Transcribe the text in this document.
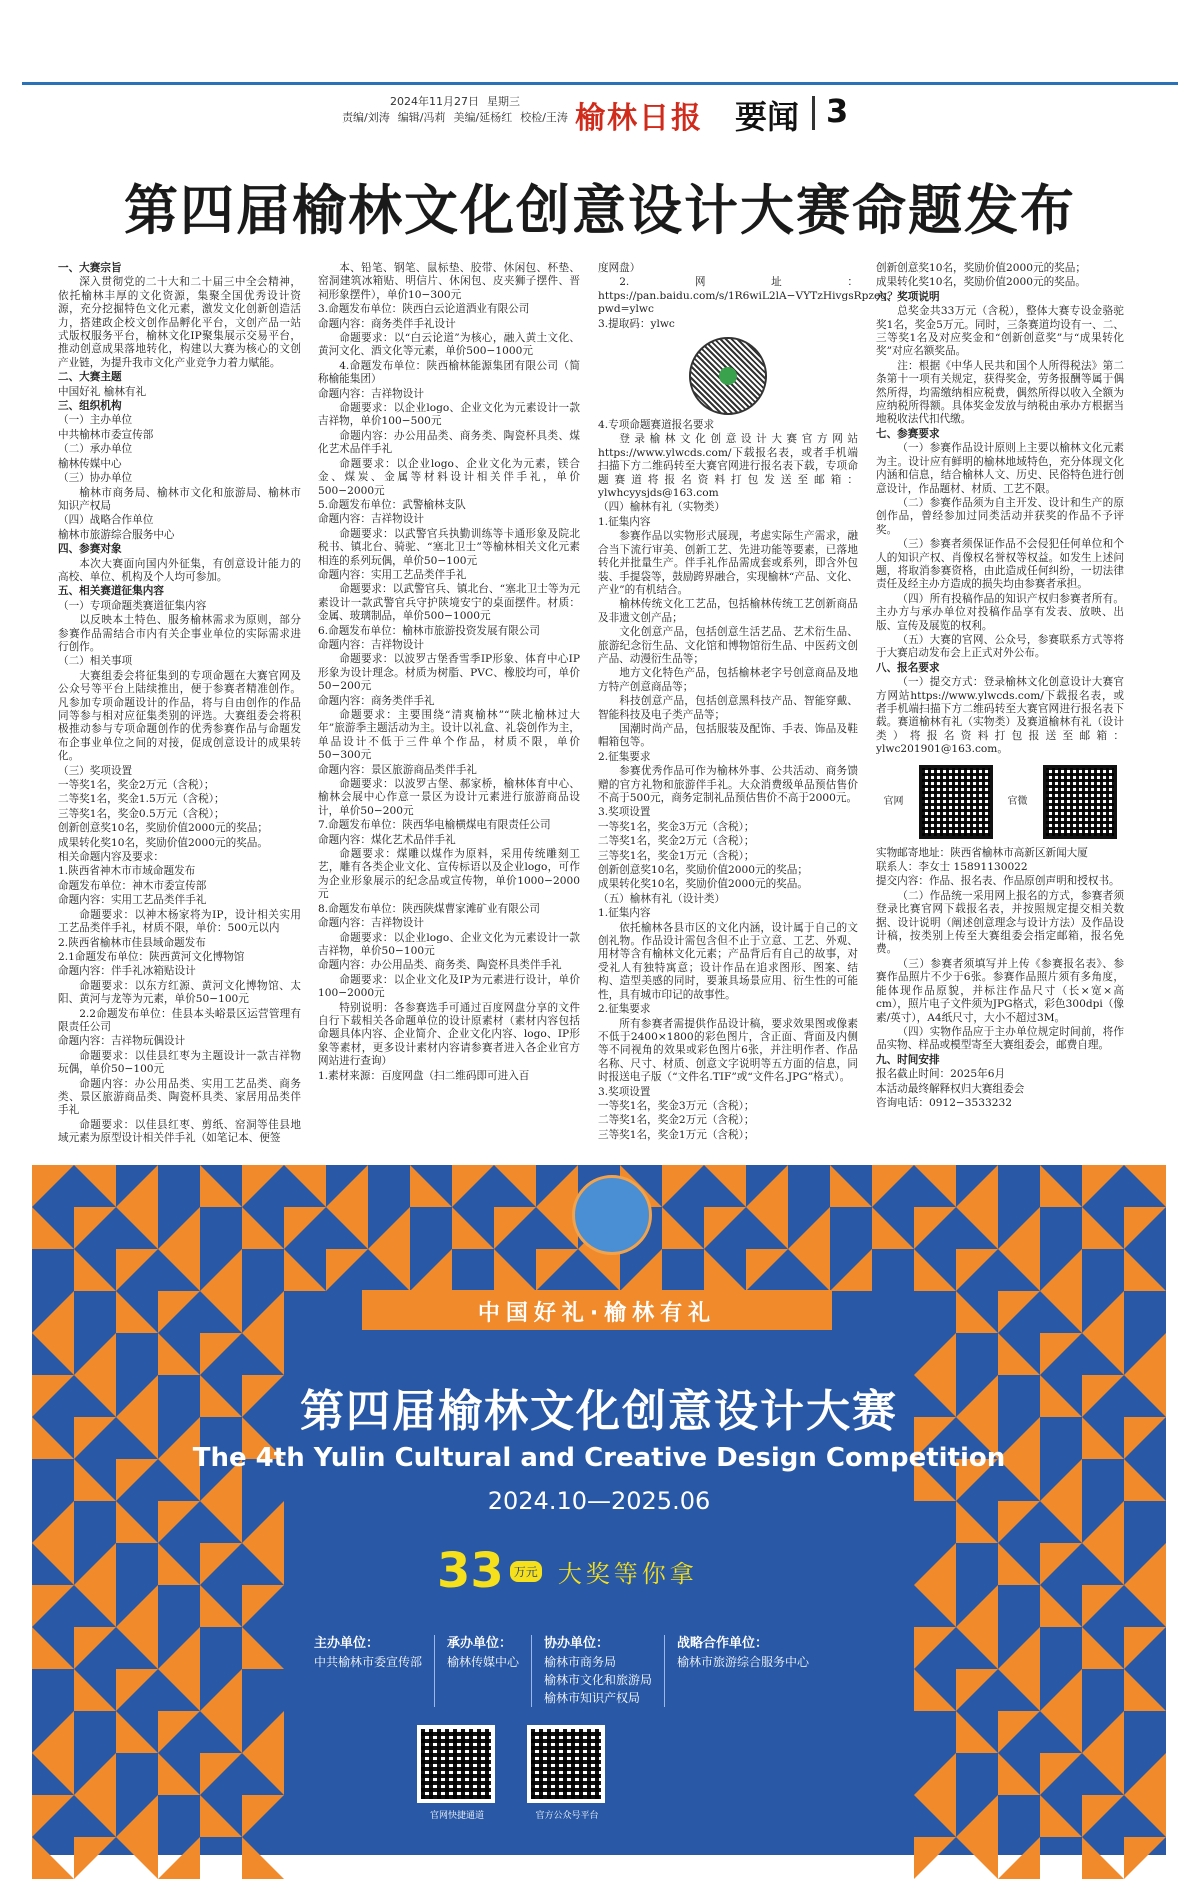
2024年11月27日 星期三
责编/刘涛 编辑/冯莉 美编/延杨红 校检/王涛 榆林日报 要闻 3
第四届榆林文化创意设计大赛命题发布

一、大赛宗旨

深入贯彻党的二十大和二十届三中全会精神，依托榆林丰厚的文化资源，集聚全国优秀设计资源，充分挖掘特色文化元素，激发文化创新创造活力，搭建政企校文创作品孵化平台，文创产品一站式版权服务平台，榆林文化IP聚集展示交易平台，推动创意成果落地转化，构建以大赛为核心的文创产业链，为提升我市文化产业竞争力着力赋能。

二、大赛主题

中国好礼 榆林有礼

三、组织机构

（一）主办单位

中共榆林市委宣传部

（二）承办单位

榆林传媒中心

（三）协办单位

榆林市商务局、榆林市文化和旅游局、榆林市知识产权局

（四）战略合作单位

榆林市旅游综合服务中心

四、参赛对象

本次大赛面向国内外征集，有创意设计能力的高校、单位、机构及个人均可参加。

五、相关赛道征集内容

（一）专项命题类赛道征集内容

以反映本土特色、服务榆林需求为原则，部分参赛作品需结合市内有关企事业单位的实际需求进行创作。

（二）相关事项

大赛组委会将征集到的专项命题在大赛官网及公众号等平台上陆续推出，便于参赛者精准创作。凡参加专项命题设计的作品，将与自由创作的作品同等参与相对应征集类别的评选。大赛组委会将积极推动参与专项命题创作的优秀参赛作品与命题发布企事业单位之间的对接，促成创意设计的成果转化。

（三）奖项设置

一等奖1名，奖金2万元（含税）；

二等奖1名，奖金1.5万元（含税）；

三等奖1名，奖金0.5万元（含税）；

创新创意奖10名，奖励价值2000元的奖品；

成果转化奖10名，奖励价值2000元的奖品。

相关命题内容及要求：

1.陕西省神木市市域命题发布

命题发布单位：神木市委宣传部

命题内容：实用工艺品类伴手礼

命题要求：以神木杨家将为IP，设计相关实用工艺品类伴手礼，材质不限，单价：500元以内

2.陕西省榆林市佳县域命题发布

2.1命题发布单位：陕西黄河文化博物馆

命题内容：伴手礼冰箱贴设计

命题要求：以东方红源、黄河文化博物馆、太阳、黄河与龙等为元素，单价50−100元

2.2命题发布单位：佳县本头峪景区运营管理有限责任公司

命题内容：吉祥物玩偶设计

命题要求：以佳县红枣为主题设计一款吉祥物玩偶，单价50−100元

命题内容：办公用品类、实用工艺品类、商务类、景区旅游商品类、陶瓷杯具类、家居用品类伴手礼

命题要求：以佳县红枣、剪纸、窑洞等佳县地域元素为原型设计相关伴手礼（如笔记本、便签

本、铅笔、钢笔、鼠标垫、胶带、休闲包、杯垫、窑洞建筑冰箱贴、明信片、休闲包、皮夹狮子摆件、晋祠形象摆件），单价10−300元

3.命题发布单位：陕西白云论道酒业有限公司

命题内容：商务类伴手礼设计

命题要求：以“白云论道”为核心，融入黄土文化、黄河文化、酒文化等元素，单价500−1000元

4.命题发布单位：陕西榆林能源集团有限公司（简称榆能集团）

命题内容：吉祥物设计

命题要求：以企业logo、企业文化为元素设计一款吉祥物，单价100−500元

命题内容：办公用品类、商务类、陶瓷杯具类、煤化艺术品伴手礼

命题要求：以企业logo、企业文化为元素，镁合金、煤炭、金属等材料设计相关伴手礼，单价500−2000元

5.命题发布单位：武警榆林支队

命题内容：吉祥物设计

命题要求：以武警官兵执勤训练等卡通形象及院北税书、镇北台、骑驼、“塞北卫士”等榆林相关文化元素相连的系列玩偶，单价50−100元

命题内容：实用工艺品类伴手礼

命题要求：以武警官兵、镇北台、“塞北卫士等为元素设计一款武警官兵守护陕境安宁的桌面摆件。材质：金属、玻璃制品，单价500−1000元

6.命题发布单位：榆林市旅游投资发展有限公司

命题内容：吉祥物设计

命题要求：以波罗古堡香雪季IP形象、体育中心IP形象为设计理念。材质为树脂、PVC、橡胶均可，单价50−200元

命题内容：商务类伴手礼

命题要求：主要围绕“清爽榆林”“陕北榆林过大年”旅游季主题活动为主。设计以礼盒、礼袋创作为主，单品设计不低于三件单个作品，材质不限，单价50−300元

命题内容：景区旅游商品类伴手礼

命题要求：以波罗古堡、郝家桥，榆林体育中心、榆林会展中心作意一景区为设计元素进行旅游商品设计，单价50−200元

7.命题发布单位：陕西华电榆横煤电有限责任公司

命题内容：煤化艺术品伴手礼

命题要求：煤雕以煤作为原料，采用传统雕刻工艺，雕有各类企业文化、宣传标语以及企业logo，可作为企业形象展示的纪念品或宣传物，单价1000−2000元

8.命题发布单位：陕西陕煤曹家滩矿业有限公司

命题内容：吉祥物设计

命题要求：以企业logo、企业文化为元素设计一款吉祥物，单价50−100元

命题内容：办公用品类、商务类、陶瓷杯具类伴手礼

命题要求：以企业文化及IP为元素进行设计，单价100−2000元

特别说明：各参赛选手可通过百度网盘分享的文件自行下载相关各命题单位的设计原素材（素材内容包括命题具体内容、企业简介、企业文化内容、logo、IP形象等素材，更多设计素材内容请参赛者进入各企业官方网站进行查询）

1.素材来源：百度网盘（扫二维码即可进入百

度网盘）

2.网址：https://pan.baidu.com/s/1R6wiL2lA−VYTzHivgsRpzeg?pwd=ylwc

3.提取码：ylwc

4.专项命题赛道报名要求

登录榆林文化创意设计大赛官方网站https://www.ylwcds.com/下载报名表，或者手机端扫描下方二维码转至大赛官网进行报名表下载，专项命题赛道将报名资料打包发送至邮箱：ylwhcyysjds@163.com

（四）榆林有礼（实物类）

1.征集内容

参赛作品以实物形式展现，考虑实际生产需求，融合当下流行审美、创新工艺、先进功能等要素，已落地转化并批量生产。伴手礼作品需成套或系列，即含外包装、手提袋等，鼓励跨界融合，实现榆林“产品、文化、产业”的有机结合。

榆林传统文化工艺品，包括榆林传统工艺创新商品及非遗文创产品；

文化创意产品，包括创意生活艺品、艺术衍生品、旅游纪念衍生品、文化馆和博物馆衍生品、中医药文创产品、动漫衍生品等；

地方文化特色产品，包括榆林老字号创意商品及地方特产创意商品等；

科技创意产品，包括创意黑科技产品、智能穿戴、智能科技及电子类产品等；

国潮时尚产品，包括服装及配饰、手表、饰品及鞋帽箱包等。

2.征集要求

参赛优秀作品可作为榆林外事、公共活动、商务馈赠的官方礼物和旅游伴手礼。大众消费级单品预估售价不高于500元，商务定制礼品预估售价不高于2000元。

3.奖项设置

一等奖1名，奖金3万元（含税）；

二等奖1名，奖金2万元（含税）；

三等奖1名，奖金1万元（含税）；

创新创意奖10名，奖励价值2000元的奖品；

成果转化奖10名，奖励价值2000元的奖品。

（五）榆林有礼（设计类）

1.征集内容

依托榆林各县市区的文化内涵，设计属于自己的文创礼物。作品设计需包含但不止于立意、工艺、外观、用材等含有榆林文化元素；产品背后有自己的故事，对受礼人有独特寓意；设计作品在追求图形、图案、结构、造型美感的同时，要兼具场景应用、衍生性的可能性，具有城市印记的故事性。

2.征集要求

所有参赛者需提供作品设计稿，要求效果图或像素不低于2400×1800的彩色图片，含正面、背面及内侧等不同视角的效果或彩色图片6张，并注明作者、作品名称、尺寸、材质、创意文字说明等五方面的信息，同时报送电子版（“文件名.TIF”或“文件名.JPG”格式）。

3.奖项设置

一等奖1名，奖金3万元（含税）；

二等奖1名，奖金2万元（含税）；

三等奖1名，奖金1万元（含税）；

创新创意奖10名，奖励价值2000元的奖品；

成果转化奖10名，奖励价值2000元的奖品。

六、奖项说明

总奖金共33万元（含税），整体大赛专设金骆驼奖1名，奖金5万元。同时，三条赛道均设有一、二、三等奖1名及对应奖金和“创新创意奖”与“成果转化奖”对应名额奖品。

注：根据《中华人民共和国个人所得税法》第二条第十一项有关规定，获得奖金，劳务报酬等属于偶然所得，均需缴纳相应税费，偶然所得以收入全额为应纳税所得额。具体奖金发放与纳税由承办方根据当地税收法代扣代缴。

七、参赛要求

（一）参赛作品设计原则上主要以榆林文化元素为主。设计应有鲜明的榆林地域特色，充分体现文化内涵和信息，结合榆林人文、历史、民俗特色进行创意设计，作品题材、材质、工艺不限。

（二）参赛作品须为自主开发、设计和生产的原创作品，曾经参加过同类活动并获奖的作品不予评奖。

（三）参赛者须保证作品不会侵犯任何单位和个人的知识产权、肖像权名誉权等权益。如发生上述问题，将取消参赛资格，由此造成任何纠纷，一切法律责任及经主办方造成的损失均由参赛者承担。

（四）所有投稿作品的知识产权归参赛者所有。主办方与承办单位对投稿作品享有发表、放映、出版、宣传及展览的权利。

（五）大赛的官网、公众号，参赛联系方式等将于大赛启动发布会上正式对外公布。

八、报名要求

（一）提交方式：登录榆林文化创意设计大赛官方网站https://www.ylwcds.com/下载报名表，或者手机端扫描下方二维码转至大赛官网进行报名表下载。赛道榆林有礼（实物类）及赛道榆林有礼（设计类）将报名资料打包报送至邮箱：ylwc201901@163.com。

官网	官微

实物邮寄地址：陕西省榆林市高新区新闻大厦

联系人：李女士 15891130022

提交内容：作品、报名表、作品原创声明和授权书。

（二）作品统一采用网上报名的方式，参赛者须登录比赛官网下载报名表，并按照规定提交相关数据、设计说明（阐述创意理念与设计方法）及作品设计稿，按类别上传至大赛组委会指定邮箱，报名免费。

（三）参赛者须填写并上传《参赛报名表》、参赛作品照片不少于6张。参赛作品照片须有多角度，能体现作品原貌，并标注作品尺寸（长×宽×高cm），照片电子文件须为JPG格式，彩色300dpi（像素/英寸），A4纸尺寸，大小不超过3M。

（四）实物作品应于主办单位规定时间前，将作品实物、样品或模型寄至大赛组委会，邮费自理。

九、时间安排

报名截止时间：2025年6月

本活动最终解释权归大赛组委会

咨询电话：0912−3533232

中国好礼·榆林有礼
第四届榆林文化创意设计大赛
The 4th Yulin Cultural and Creative Design Competition
2024.10—2025.06
33 万元 大奖等你拿
主办单位：
中共榆林市委宣传部
承办单位：
榆林传媒中心
协办单位：
榆林市商务局
榆林市文化和旅游局
榆林市知识产权局
战略合作单位：
榆林市旅游综合服务中心
官网快捷通道	官方公众号平台
